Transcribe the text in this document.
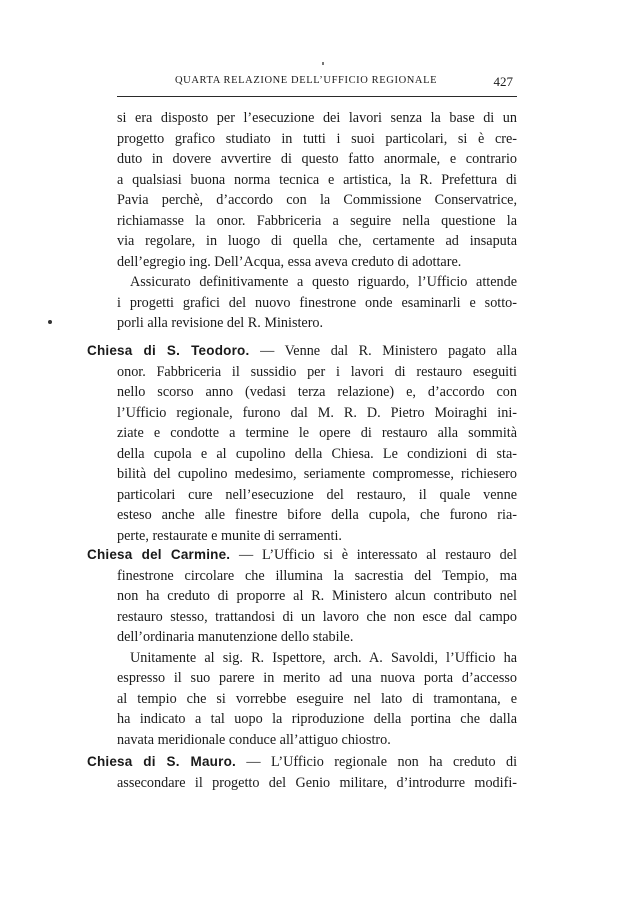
QUARTA RELAZIONE DELL’UFFICIO REGIONALE	427
si era disposto per l’esecuzione dei lavori senza la base di un
progetto grafico studiato in tutti i suoi particolari, si è cre-
duto in dovere avvertire di questo fatto anormale, e contrario
a qualsiasi buona norma tecnica e artistica, la R. Prefettura di
Pavia perchè, d’accordo con la Commissione Conservatrice,
richiamasse la onor. Fabbriceria a seguire nella questione la
via regolare, in luogo di quella che, certamente ad insaputa
dell’egregio ing. Dell’Acqua, essa aveva creduto di adottare.
Assicurato definitivamente a questo riguardo, l’Ufficio attende
i progetti grafici del nuovo finestrone onde esaminarli e sotto-
porli alla revisione del R. Ministero.
Chiesa di S. Teodoro. — Venne dal R. Ministero pagato alla
onor. Fabbriceria il sussidio per i lavori di restauro eseguiti
nello scorso anno (vedasi terza relazione) e, d’accordo con
l’Ufficio regionale, furono dal M. R. D. Pietro Moiraghi ini-
ziate e condotte a termine le opere di restauro alla sommità
della cupola e al cupolino della Chiesa. Le condizioni di sta-
bilità del cupolino medesimo, seriamente compromesse, richiesero
particolari cure nell’esecuzione del restauro, il quale venne
esteso anche alle finestre bifore della cupola, che furono ria-
perte, restaurate e munite di serramenti.
Chiesa del Carmine. — L’Ufficio si è interessato al restauro del
finestrone circolare che illumina la sacrestia del Tempio, ma
non ha creduto di proporre al R. Ministero alcun contributo nel
restauro stesso, trattandosi di un lavoro che non esce dal campo
dell’ordinaria manutenzione dello stabile.
Unitamente al sig. R. Ispettore, arch. A. Savoldi, l’Ufficio ha
espresso il suo parere in merito ad una nuova porta d’accesso
al tempio che si vorrebbe eseguire nel lato di tramontana, e
ha indicato a tal uopo la riproduzione della portina che dalla
navata meridionale conduce all’attiguo chiostro.
Chiesa di S. Mauro. — L’Ufficio regionale non ha creduto di
assecondare il progetto del Genio militare, d’introdurre modifi-
